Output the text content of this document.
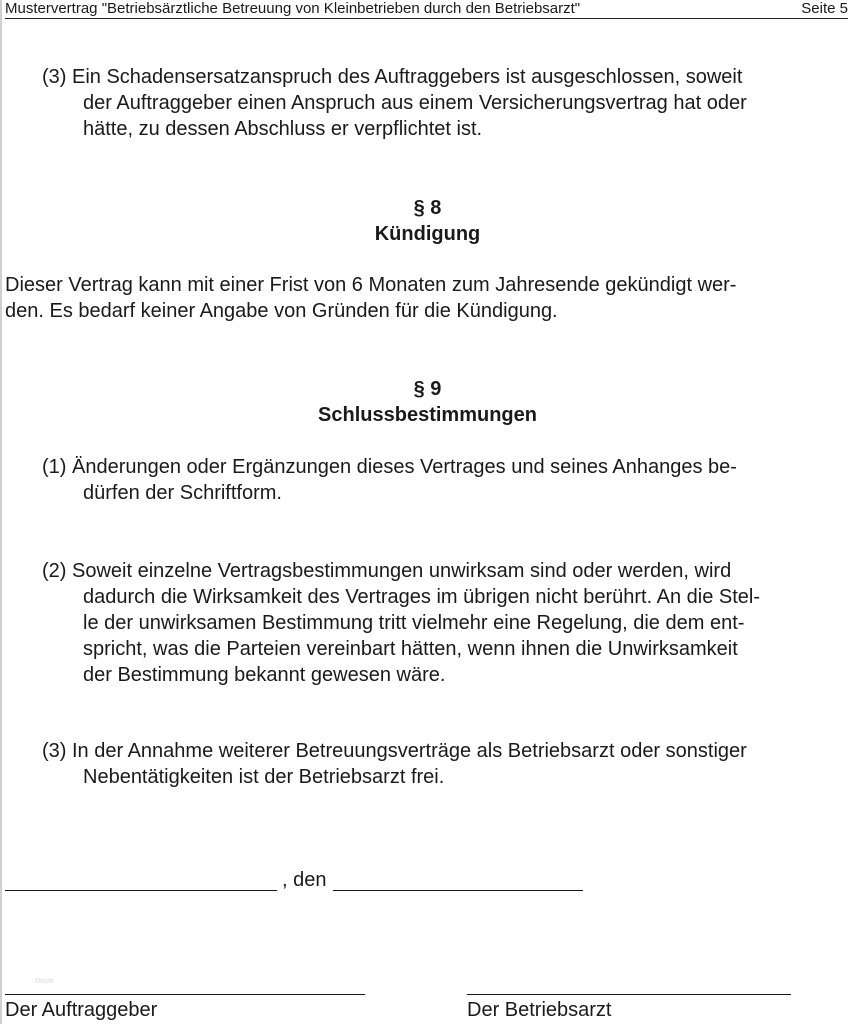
Mustervertrag "Betriebsärztliche Betreuung von Kleinbetrieben durch den Betriebsarzt"	Seite 5

(3) Ein Schadensersatzanspruch des Auftraggebers ist ausgeschlossen, soweit
der Auftraggeber einen Anspruch aus einem Versicherungsvertrag hat oder
hätte, zu dessen Abschluss er verpflichtet ist.

§ 8

Kündigung

Dieser Vertrag kann mit einer Frist von 6 Monaten zum Jahresende gekündigt wer-
den. Es bedarf keiner Angabe von Gründen für die Kündigung.

§ 9

Schlussbestimmungen

(1) Änderungen oder Ergänzungen dieses Vertrages und seines Anhanges be-
dürfen der Schriftform.

(2) Soweit einzelne Vertragsbestimmungen unwirksam sind oder werden, wird
dadurch die Wirksamkeit des Vertrages im übrigen nicht berührt. An die Stel-
le der unwirksamen Bestimmung tritt vielmehr eine Regelung, die dem ent-
spricht, was die Parteien vereinbart hätten, wenn ihnen die Unwirksamkeit
der Bestimmung bekannt gewesen wäre.

(3) In der Annahme weiterer Betreuungsverträge als Betriebsarzt oder sonstiger
Nebentätigkeiten ist der Betriebsarzt frei.

, den
Muste
Der Auftraggeber	Der Betriebsarzt
